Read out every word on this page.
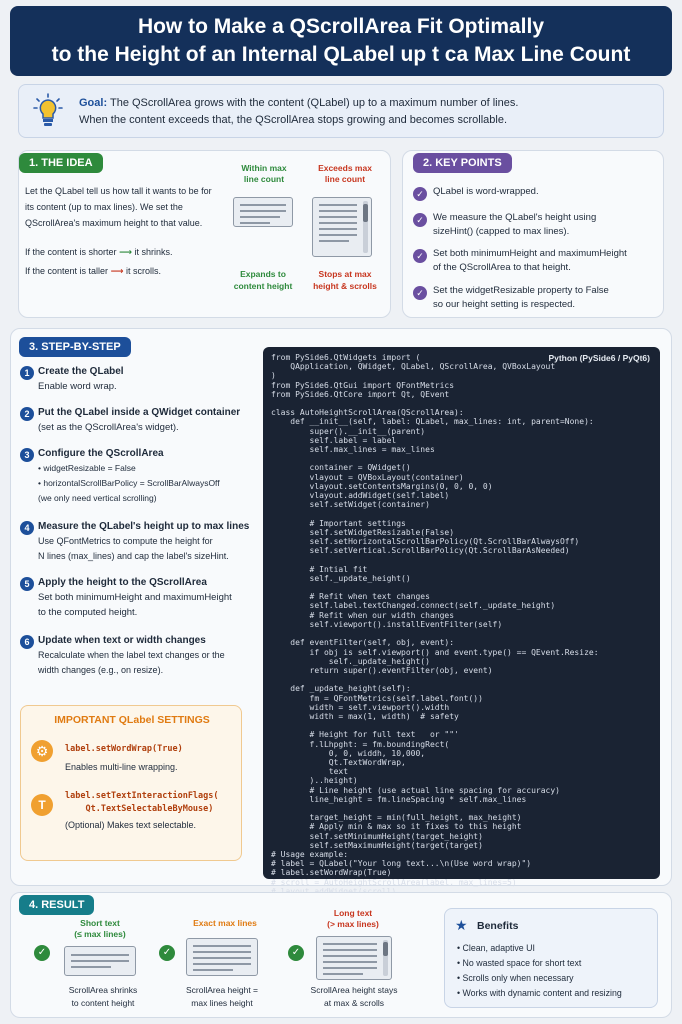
How to Make a QScrollArea Fit Optimally
to the Height of an Internal QLabel up t ca Max Line Count
Goal: The QScrollArea grows with the content (QLabel) up to a maximum number of lines.
When the content exceeds that, the QScrollArea stops growing and becomes scrollable.
1. THE IDEA
Let the QLabel tell us how tall it wants to be for
its content (up to max lines). We set the
QScrollArea's maximum height to that value.
If the content is shorter ⟶ it shrinks.
If the content is taller ⟶ it scrolls.
Within max
line count
Expands to
content height
Exceeds max
line count
Stops at max
height & scrolls
2. KEY POINTS
✓ QLabel is word-wrapped.
✓ We measure the QLabel's height using
sizeHint() (capped to max lines).
✓ Set both minimumHeight and maximumHeight
of the QScrollArea to that height.
✓ Set the widgetResizable property to False
so our height setting is respected.
3. STEP-BY-STEP
1 Create the QLabel
Enable word wrap.
2 Put the QLabel inside a QWidget container
(set as the QScrollArea's widget).
3 Configure the QScrollArea
• widgetResizable = False
• horizontalScrollBarPolicy = ScrollBarAlwaysOff
(we only need vertical scrolling)
4 Measure the QLabel's height up to max lines
Use QFontMetrics to compute the height for
N lines (max_lines) and cap the label's sizeHint.
5 Apply the height to the QScrollArea
Set both minimumHeight and maximumHeight
to the computed height.
6 Update when text or width changes
Recalculate when the label text changes or the
width changes (e.g., on resize).
IMPORTANT QLabel SETTINGS
⚙	label.setWordWrap(True)
Enables multi-line wrapping.
T
label.setTextInteractionFlags(
Qt.TextSelectableByMouse)
(Optional) Makes text selectable.
Python (PySide6 / PyQt6)
from PySide6.QtWidgets import (
QApplication, QWidget, QLabel, QScrollArea, QVBoxLayout
)
from PySide6.QtGui import QFontMetrics
from PySide6.QtCore import Qt, QEvent

class AutoHeightScrollArea(QScrollArea):
def __init__(self, label: QLabel, max_lines: int, parent=None):
super().__init__(parent)
self.label = label
self.max_lines = max_lines

container = QWidget()
vlayout = QVBoxLayout(container)
vlayout.setContentsMargins(0, 0, 0, 0)
vlayout.addWidget(self.label)
self.setWidget(container)

# Important settings
self.setWidgetResizable(False)
self.setHorizontalScrollBarPolicy(Qt.ScrollBarAlwaysOff)
self.setVertical.ScrollBarPolicy(Qt.ScrollBarAsNeeded)

# Intial fit
self._update_height()

# Refit when text changes
self.label.textChanged.connect(self._update_height)
# Refit when our width changes
self.viewport().installEventFilter(self)

def eventFilter(self, obj, event):
if obj is self.viewport() and event.type() == QEvent.Resize:
self._update_height()
return super().eventFilter(obj, event)

def _update_height(self):
fm = QFontMetrics(self.label.font())
width = self.viewport().width
width = max(1, width)  # safety

# Height for full text   or ""'
f.lLhpght: = fm.boundingRect(
0, 0, widdh, 10,000,
Qt.TextWordWrap,
text
)..height)
# Line height (use actual line spacing for accuracy)
line_height = fm.lineSpacing * self.max_lines

target_height = min(full_height, max_height)
# Apply min & max so it fixes to this height
self.setMinimumHeight(target_height)
self.setMaximumHeight(target(target)
# Usage example:
# label = QLabel("Your long text...\n(Use word wrap)")
# label.setWordWrap(True)
# scroll = AutoHeightScrollArea(label, max_lines=5)

4. RESULT
✓
Short text
(≤ max lines)
ScrollArea shrinks
to content height
✓
Exact max lines
ScrollArea height =
max lines height
✓
Long text
(> max lines)
ScrollArea height stays
at max & scrolls
★ Benefits
• Clean, adaptive UI
• No wasted space for short text
• Scrolls only when necessary
• Works with dynamic content and resizing
